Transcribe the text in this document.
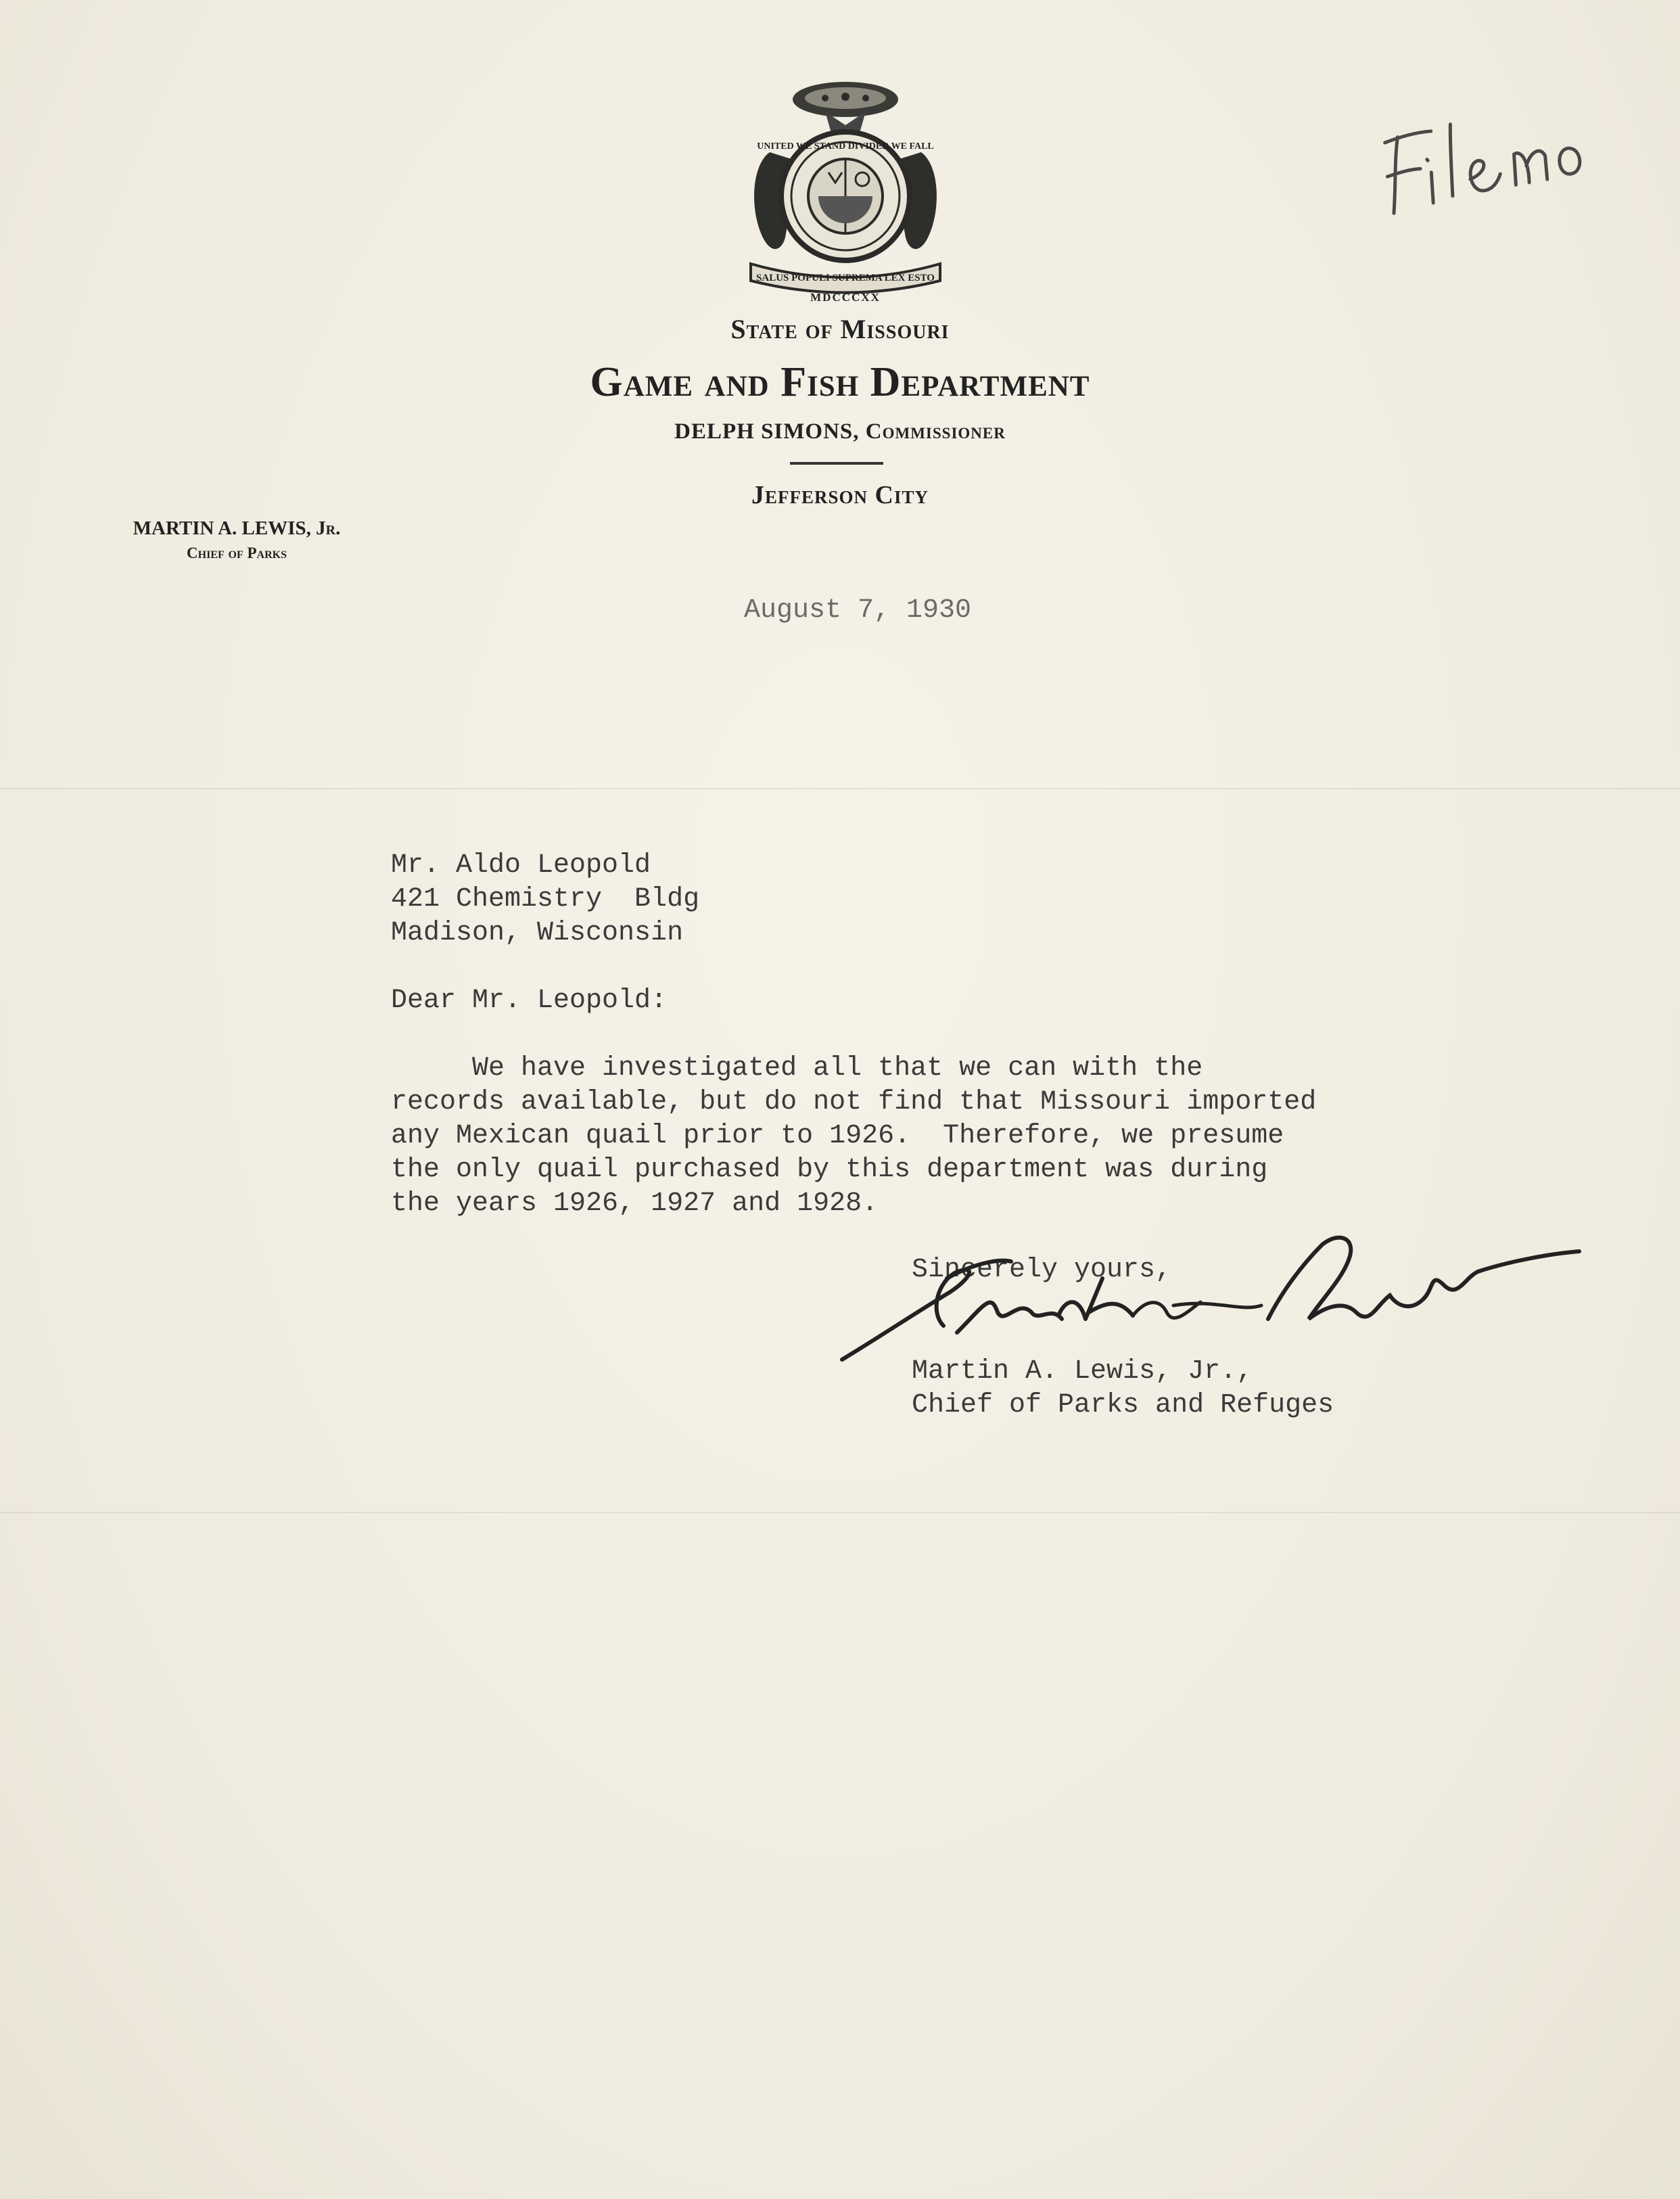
UNITED WE STAND DIVIDED WE FALL
SALUS POPULI SUPREMA LEX ESTO
MDCCCXX
State of Missouri
Game and Fish Department
DELPH SIMONS, Commissioner
Jefferson City
MARTIN A. LEWIS, Jr.
Chief of Parks
August 7, 1930
Mr. Aldo Leopold
421 Chemistry  Bldg
Madison, Wisconsin
Dear Mr. Leopold:
We have investigated all that we can with the
records available, but do not find that Missouri imported
any Mexican quail prior to 1926.  Therefore, we presume
the only quail purchased by this department was during
the years 1926, 1927 and 1928.
Sincerely yours,
Martin A. Lewis, Jr.,
Chief of Parks and Refuges
